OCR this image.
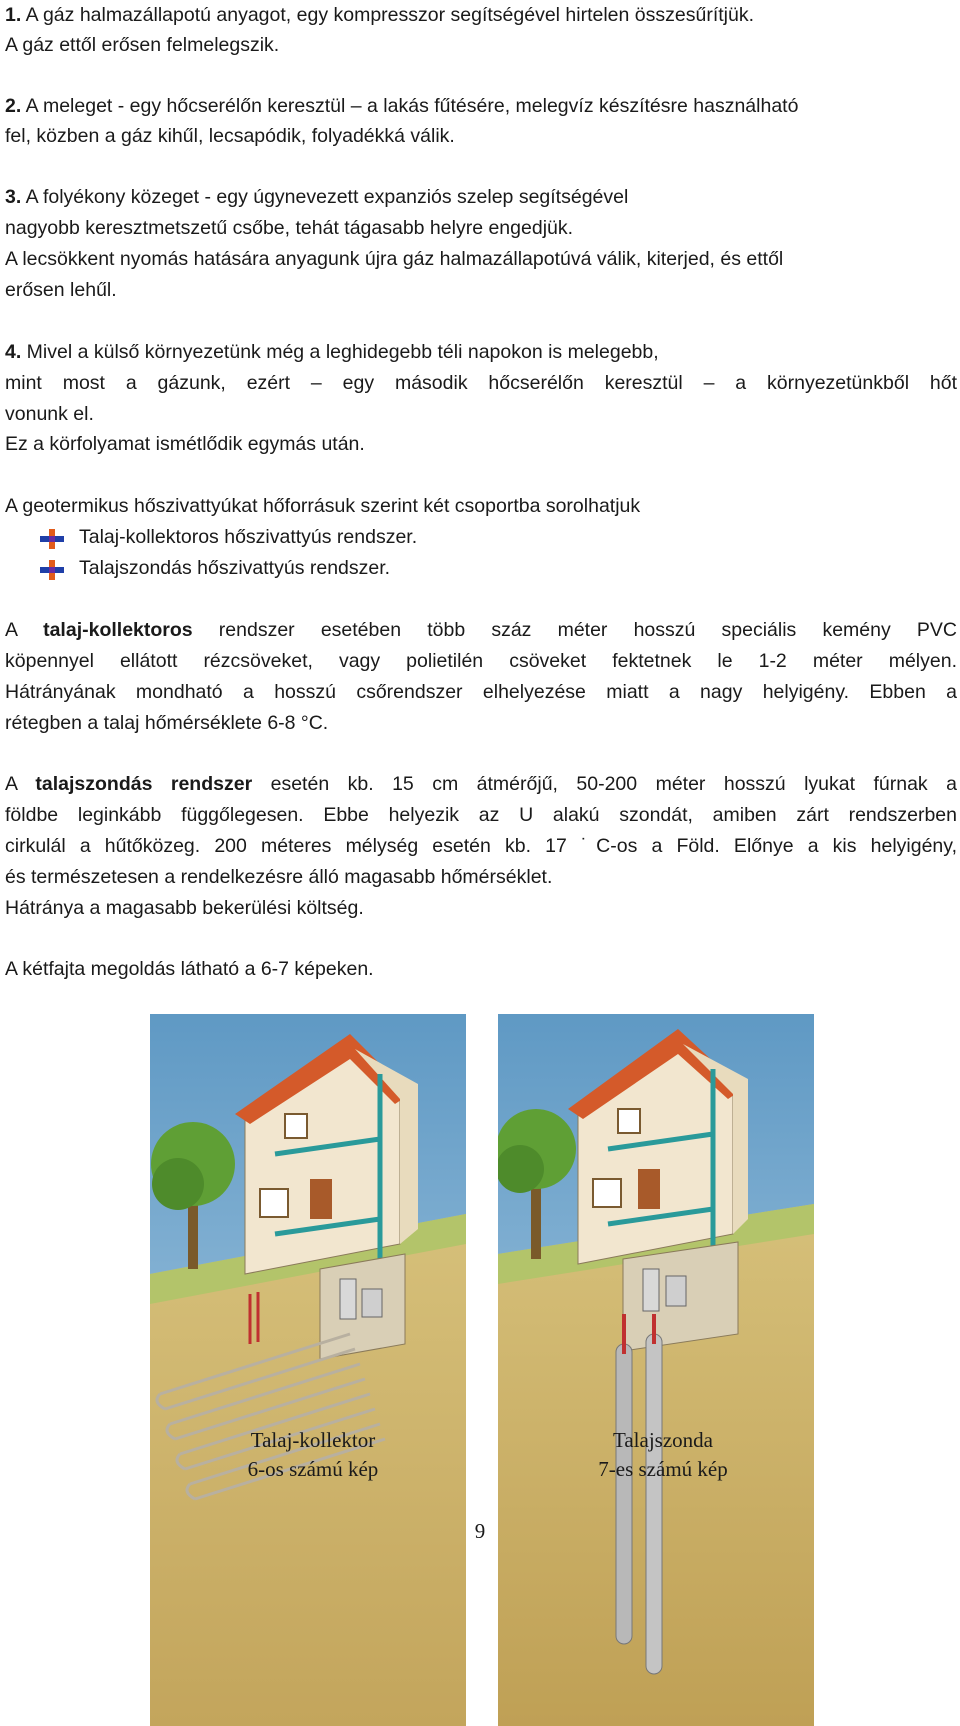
1. A gáz halmazállapotú anyagot, egy kompresszor segítségével hirtelen összesűrítjük.
A gáz ettől erősen felmelegszik.
2. A meleget - egy hőcserélőn keresztül – a lakás fűtésére, melegvíz készítésre használható
fel, közben a gáz kihűl, lecsapódik, folyadékká válik.
3. A folyékony közeget - egy úgynevezett expanziós szelep segítségével
nagyobb keresztmetszetű csőbe, tehát tágasabb helyre engedjük.
A lecsökkent nyomás hatására anyagunk újra gáz halmazállapotúvá válik, kiterjed, és ettől
erősen lehűl.
4. Mivel a külső környezetünk még a leghidegebb téli napokon is melegebb,
mint most a gázunk, ezért – egy második hőcserélőn keresztül – a környezetünkből hőt
vonunk el.
Ez a körfolyamat ismétlődik egymás után.
A geotermikus hőszivattyúkat hőforrásuk szerint két csoportba sorolhatjuk
Talaj-kollektoros hőszivattyús rendszer.
Talajszondás hőszivattyús rendszer.
A talaj-kollektoros rendszer esetében több száz méter hosszú speciális kemény PVC
köpennyel ellátott rézcsöveket, vagy polietilén csöveket fektetnek le 1-2 méter mélyen.
Hátrányának mondható a hosszú csőrendszer elhelyezése miatt a nagy helyigény. Ebben a
rétegben a talaj hőmérséklete 6-8 °C.
A talajszondás rendszer esetén kb. 15 cm átmérőjű, 50-200 méter hosszú lyukat fúrnak a
földbe leginkább függőlegesen. Ebbe helyezik az U alakú szondát, amiben zárt rendszerben
cirkulál a hűtőközeg. 200 méteres mélység esetén kb. 17 ˙C-os a Föld. Előnye a kis helyigény,
és természetesen a rendelkezésre álló magasabb hőmérséklet.
Hátránya a magasabb bekerülési költség.
A kétfajta megoldás látható a 6-7 képeken.
Talaj-kollektor
6-os számú kép
Talajszonda
7-es számú kép
9
